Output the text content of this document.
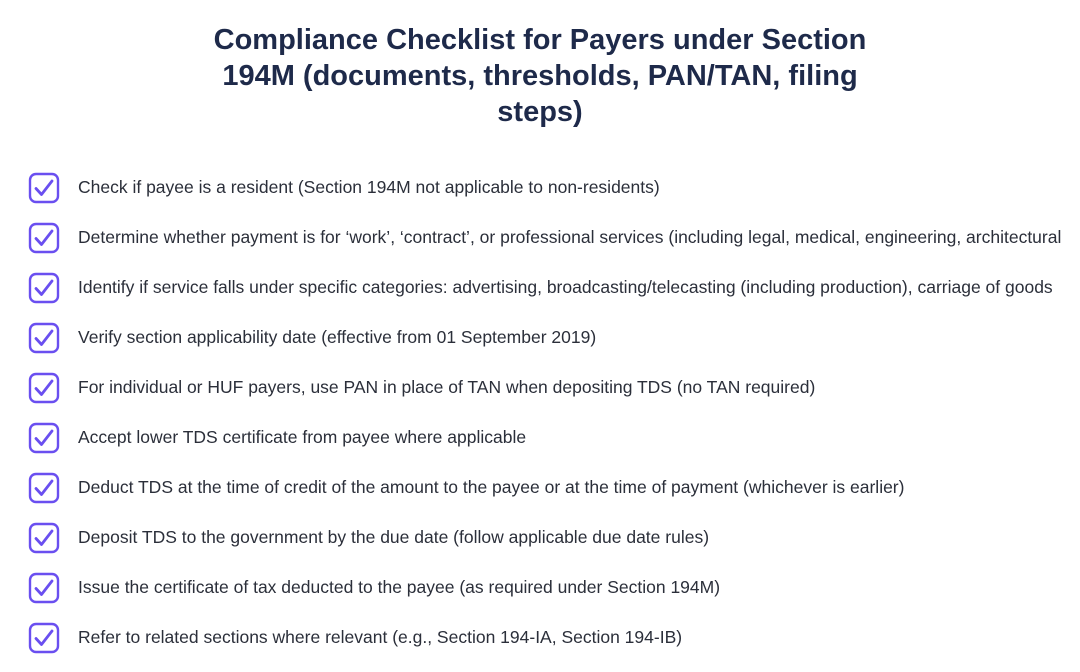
Compliance Checklist for Payers under Section 194M (documents, thresholds, PAN/TAN, filing steps)
Check if payee is a resident (Section 194M not applicable to non-residents)
Determine whether payment is for ‘work’, ‘contract’, or professional services (including legal, medical, engineering, architectural
Identify if service falls under specific categories: advertising, broadcasting/telecasting (including production), carriage of goods
Verify section applicability date (effective from 01 September 2019)
For individual or HUF payers, use PAN in place of TAN when depositing TDS (no TAN required)
Accept lower TDS certificate from payee where applicable
Deduct TDS at the time of credit of the amount to the payee or at the time of payment (whichever is earlier)
Deposit TDS to the government by the due date (follow applicable due date rules)
Issue the certificate of tax deducted to the payee (as required under Section 194M)
Refer to related sections where relevant (e.g., Section 194-IA, Section 194-IB)
